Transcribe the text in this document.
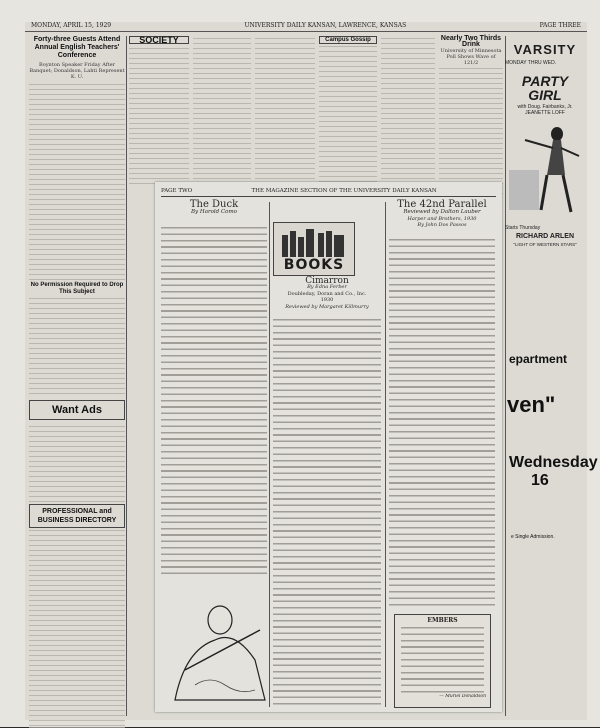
MONDAY, APRIL 15, 1929	UNIVERSITY DAILY KANSAN, LAWRENCE, KANSAS	PAGE THREE
Forty-three Guests Attend Annual English Teachers' Conference
Boynton Speaker Friday After Banquet; Donaldson, Lahti Represent K. U.
No Permission Required to Drop This Subject
Want Ads
PROFESSIONAL and BUSINESS DIRECTORY
SOCIETY	Campus Gossip	Nearly Two Thirds Drink
University of Minnesota Poll Shows Wave of 121/2
epartment
ven"
Wednesday
16
e Single Admission.
VARSITY
MONDAY THRU WED.
PARTY GIRL
with Doug. Fairbanks, Jr. JEANETTE LOFF
Starts Thursday
RICHARD ARLEN
"LIGHT OF WESTERN STARS"
PAGE TWO	THE MAGAZINE SECTION OF THE UNIVERSITY DAILY KANSAN
The Duck
By Harold Como
BOOKS
Cimarron
By Edna Ferber
Doubleday, Doran and Co., Inc.
1930
Reviewed by Margaret Killmurry
The 42nd Parallel
Reviewed by Dalton Lauber
Harper and Brothers, 1930
By John Dos Passos
EMBERS
— Muriel Donaldson
